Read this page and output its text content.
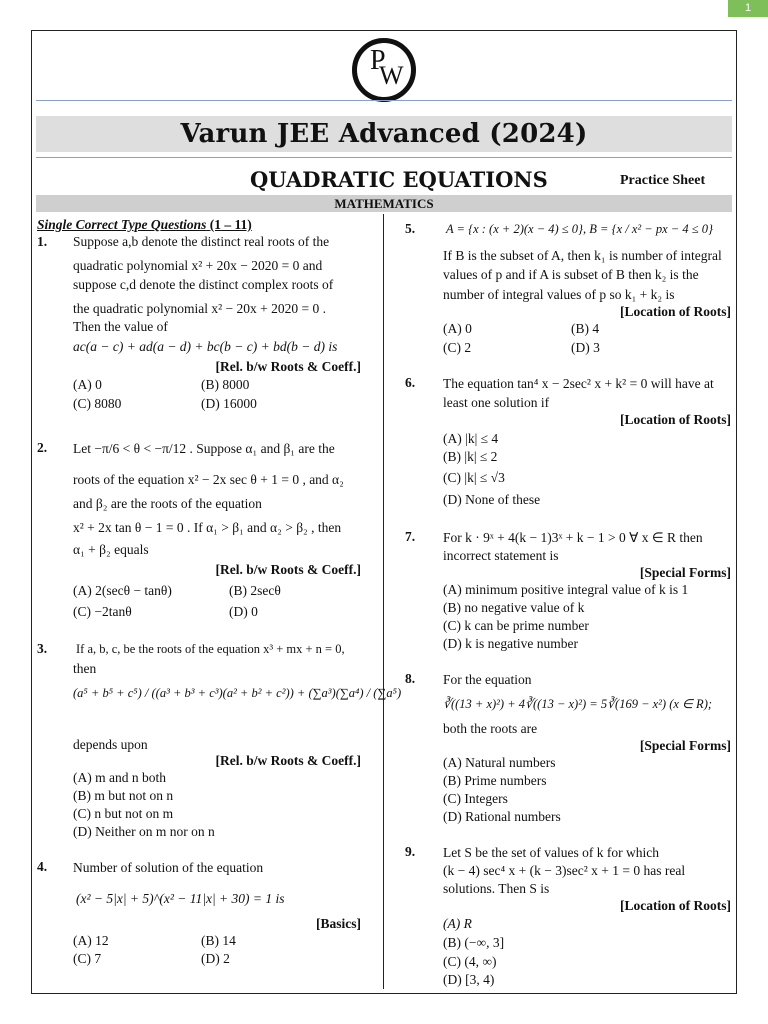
1
P
W
Varun JEE Advanced (2024)
QUADRATIC EQUATIONS	Practice Sheet
MATHEMATICS
Single Correct Type Questions (1 – 11)
1. Suppose a,b denote the distinct real roots of the
quadratic polynomial x² + 20x − 2020 = 0 and
suppose c,d denote the distinct complex roots of
the quadratic polynomial x² − 20x + 2020 = 0 .
Then the value of
ac(a − c) + ad(a − d) + bc(b − c) + bd(b − d) is
[Rel. b/w Roots & Coeff.]
(A) 0	(B) 8000
(C) 8080	(D) 16000
2. Let −π/6 < θ < −π/12 . Suppose α₁ and β₁ are the
roots of the equation x² − 2x sec θ + 1 = 0 , and α₂
and β₂ are the roots of the equation
x² + 2x tan θ − 1 = 0 . If α₁ > β₁ and α₂ > β₂ , then
α₁ + β₂ equals
[Rel. b/w Roots & Coeff.]
(A) 2(secθ − tanθ)	(B) 2secθ
(C) −2tanθ	(D) 0
3. If a, b, c, be the roots of the equation x³ + mx + n = 0,
then
(a⁵ + b⁵ + c⁵) / ((a³ + b³ + c³)(a² + b² + c²)) + (∑a³)(∑a⁴) / (∑a⁵)
depends upon
[Rel. b/w Roots & Coeff.]
(A) m and n both
(B) m but not on n
(C) n but not on m
(D) Neither on m nor on n
4. Number of solution of the equation
(x² − 5|x| + 5)^(x² − 11|x| + 30) = 1 is
[Basics]
(A) 12	(B) 14
(C) 7	(D) 2
5. A = {x : (x + 2)(x − 4) ≤ 0}, B = {x / x² − px − 4 ≤ 0}
If B is the subset of A, then k₁ is number of integral
values of p and if A is subset of B then k₂ is the
number of integral values of p so k₁ + k₂ is
[Location of Roots]
(A) 0	(B) 4
(C) 2	(D) 3
6. The equation tan⁴ x − 2sec² x + k² = 0 will have at
least one solution if
[Location of Roots]
(A) |k| ≤ 4
(B) |k| ≤ 2
(C) |k| ≤ √3
(D) None of these
7. For k · 9ˣ + 4(k − 1)3ˣ + k − 1 > 0 ∀ x ∈ R then
incorrect statement is
[Special Forms]
(A) minimum positive integral value of k is 1
(B) no negative value of k
(C) k can be prime number
(D) k is negative number
8. For the equation
∛((13 + x)²) + 4∛((13 − x)²) = 5∛(169 − x²) (x ∈ R);
both the roots are
[Special Forms]
(A) Natural numbers
(B) Prime numbers
(C) Integers
(D) Rational numbers
9. Let S be the set of values of k for which
(k − 4) sec⁴ x + (k − 3)sec² x + 1 = 0 has real
solutions. Then S is
[Location of Roots]
(A) R
(B) (−∞, 3]
(C) (4, ∞)
(D) [3, 4)
